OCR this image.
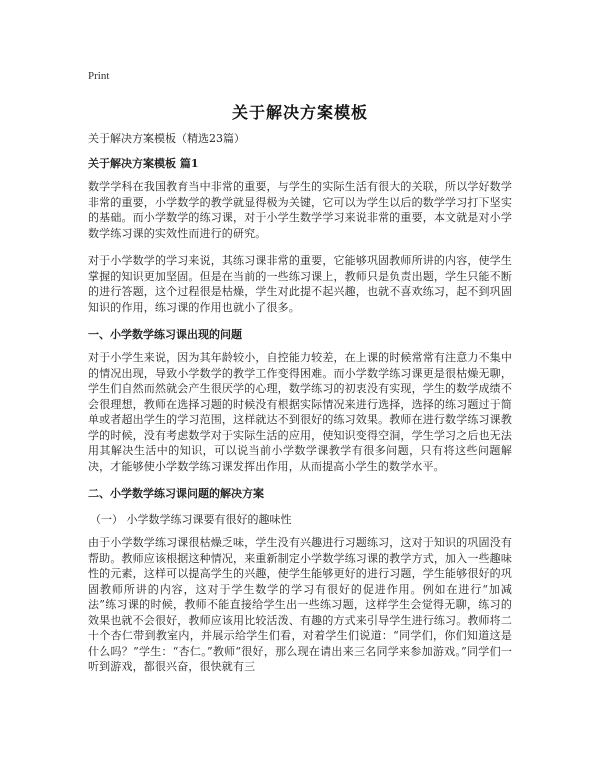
Print
关于解决方案模板
关于解决方案模板（精选23篇）
关于解决方案模板 篇1

数学学科在我国教育当中非常的重要，与学生的实际生活有很大的关联，所以学好数学非常的重要，小学数学的教学就显得极为关键，它可以为学生以后的数学学习打下坚实的基础。而小学数学的练习课，对于小学生数学学习来说非常的重要，本文就是对小学数学练习课的实效性而进行的研究。

对于小学数学的学习来说，其练习课非常的重要，它能够巩固教师所讲的内容，使学生掌握的知识更加坚固。但是在当前的一些练习课上，教师只是负责出题，学生只能不断的进行答题，这个过程很是枯燥，学生对此提不起兴趣，也就不喜欢练习，起不到巩固知识的作用，练习课的作用也就小了很多。

一、小学数学练习课出现的问题

对于小学生来说，因为其年龄较小，自控能力较差，在上课的时候常常有注意力不集中的情况出现，导致小学数学的教学工作变得困难。而小学数学练习课更是很枯燥无聊，学生们自然而然就会产生很厌学的心理，数学练习的初衷没有实现，学生的数学成绩不会很理想，教师在选择习题的时候没有根据实际情况来进行选择，选择的练习题过于简单或者超出学生的学习范围，这样就达不到很好的练习效果。教师在进行数学练习课教学的时候，没有考虑数学对于实际生活的应用，使知识变得空洞，学生学习之后也无法用其解决生活中的知识，可以说当前小学数学课教学有很多问题，只有将这些问题解决，才能够使小学数学练习课发挥出作用，从而提高小学生的数学水平。

二、小学数学练习课问题的解决方案
（一） 小学数学练习课要有很好的趣味性

由于小学数学练习课很枯燥乏味，学生没有兴趣进行习题练习，这对于知识的巩固没有帮助。教师应该根据这种情况，来重新制定小学数学练习课的教学方式，加入一些趣味性的元素，这样可以提高学生的兴趣，使学生能够更好的进行习题，学生能够很好的巩固教师所讲的内容，这对于学生数学的学习有很好的促进作用。例如在进行“加减法”练习课的时候，教师不能直接给学生出一些练习题，这样学生会觉得无聊，练习的效果也就不会很好，教师应该用比较活泼、有趣的方式来引导学生进行练习。教师将二十个杏仁带到教室内，并展示给学生们看，对着学生们说道：“同学们，你们知道这是什么吗？”学生：“杏仁。”教师“很好，那么现在请出来三名同学来参加游戏。”同学们一听到游戏，都很兴奋，很快就有三
